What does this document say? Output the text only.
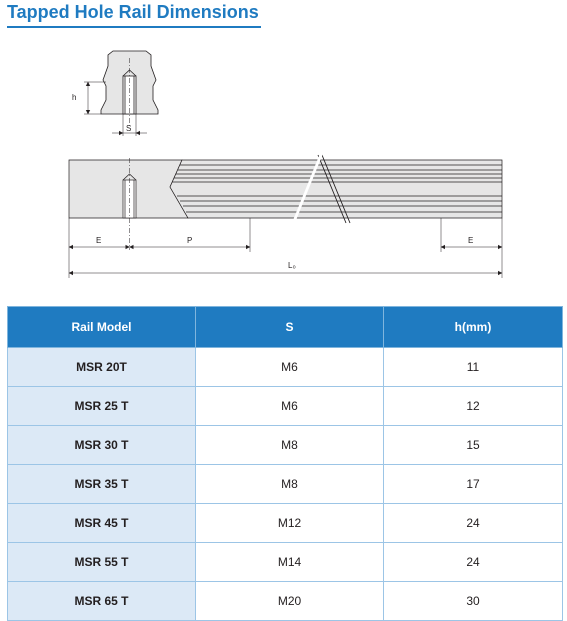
Tapped Hole Rail Dimensions
h
S
E	P	E
L₀
Rail Model	S	h(mm)
MSR 20T	M6	11
MSR 25 T	M6	12
MSR 30 T	M8	15
MSR 35 T	M8	17
MSR 45 T	M12	24
MSR 55 T	M14	24
MSR 65 T	M20	30
